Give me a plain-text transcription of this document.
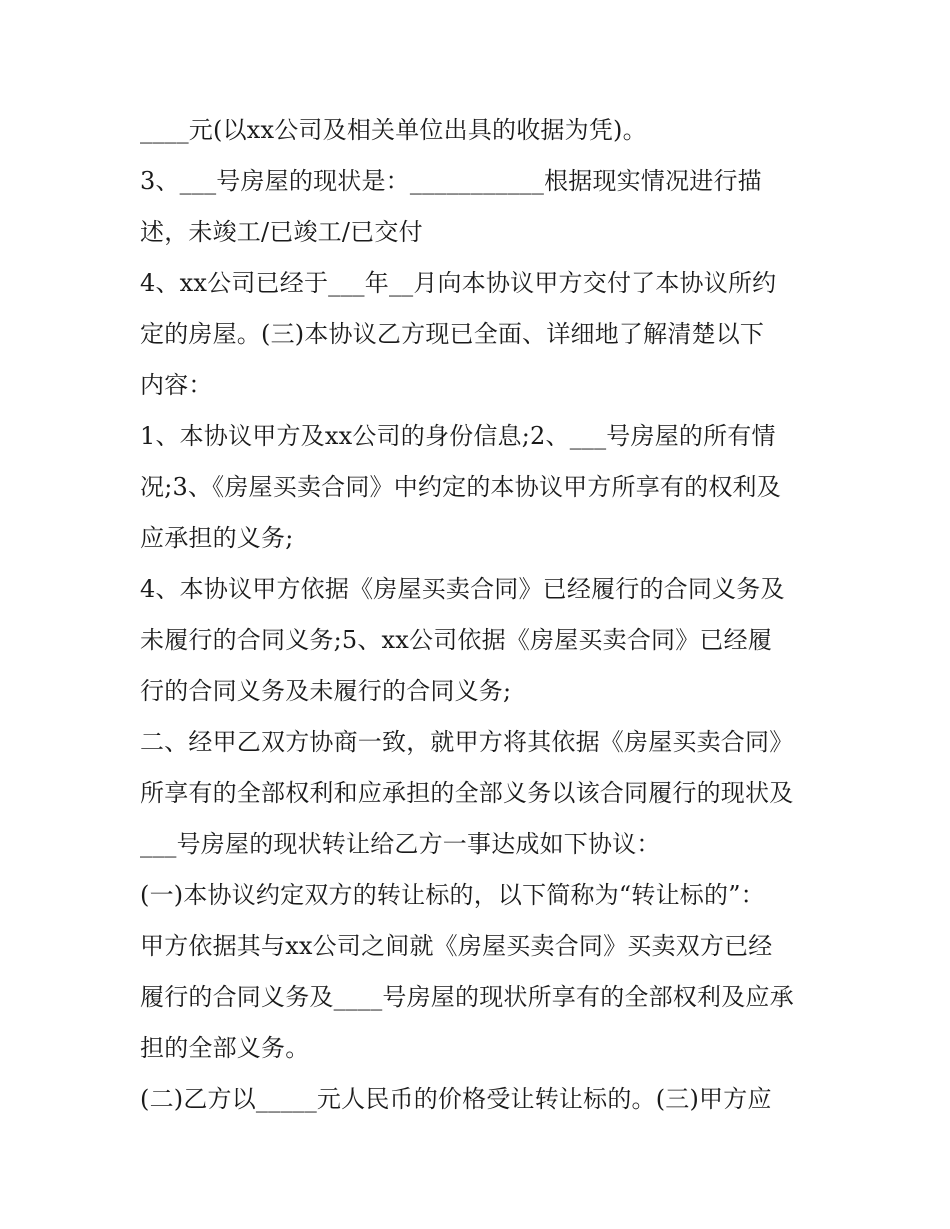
____元(以xx公司及相关单位出具的收据为凭)。
3、___号房屋的现状是：___________根据现实情况进行描
述，未竣工/已竣工/已交付
4、xx公司已经于___年__月向本协议甲方交付了本协议所约
定的房屋。(三)本协议乙方现已全面、详细地了解清楚以下
内容：
1、本协议甲方及xx公司的身份信息;2、___号房屋的所有情
况;3、《房屋买卖合同》中约定的本协议甲方所享有的权利及
应承担的义务;
4、本协议甲方依据《房屋买卖合同》已经履行的合同义务及
未履行的合同义务;5、xx公司依据《房屋买卖合同》已经履
行的合同义务及未履行的合同义务;
二、经甲乙双方协商一致，就甲方将其依据《房屋买卖合同》
所享有的全部权利和应承担的全部义务以该合同履行的现状及
___号房屋的现状转让给乙方一事达成如下协议：
(一)本协议约定双方的转让标的，以下简称为“转让标的”：
甲方依据其与xx公司之间就《房屋买卖合同》买卖双方已经
履行的合同义务及____号房屋的现状所享有的全部权利及应承
担的全部义务。
(二)乙方以_____元人民币的价格受让转让标的。(三)甲方应
